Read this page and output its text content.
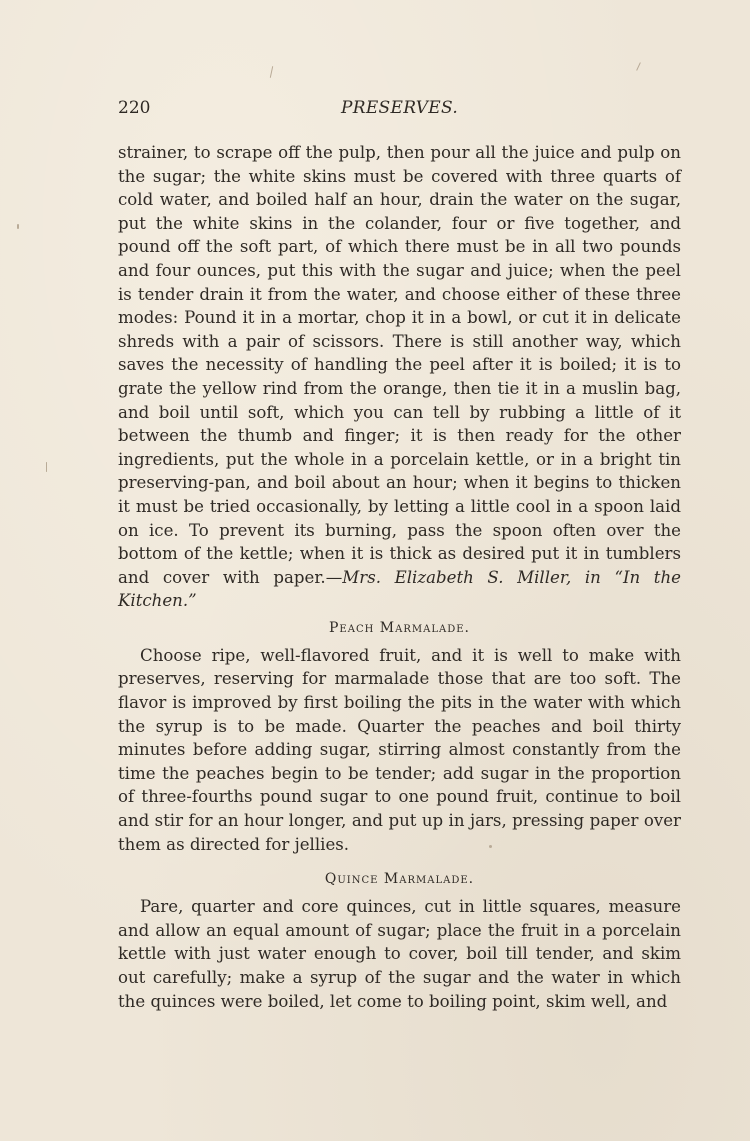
220	PRESERVES.

strainer, to scrape off the pulp, then pour all the juice and pulp on the sugar; the white skins must be covered with three quarts of cold water, and boiled half an hour, drain the water on the sugar, put the white skins in the colander, four or five together, and pound off the soft part, of which there must be in all two pounds and four ounces, put this with the sugar and juice; when the peel is tender drain it from the water, and choose either of these three modes: Pound it in a mortar, chop it in a bowl, or cut it in delicate shreds with a pair of scissors. There is still another way, which saves the necessity of handling the peel after it is boiled; it is to grate the yellow rind from the orange, then tie it in a muslin bag, and boil until soft, which you can tell by rubbing a little of it between the thumb and finger; it is then ready for the other ingredients, put the whole in a porcelain kettle, or in a bright tin preserving-pan, and boil about an hour; when it begins to thicken it must be tried occasionally, by letting a little cool in a spoon laid on ice. To prevent its burning, pass the spoon often over the bottom of the kettle; when it is thick as desired put it in tumblers and cover with paper.—Mrs. Elizabeth S. Miller, in “In the Kitchen.”

Peach Marmalade.

Choose ripe, well-flavored fruit, and it is well to make with preserves, reserving for marmalade those that are too soft. The flavor is improved by first boiling the pits in the water with which the syrup is to be made. Quarter the peaches and boil thirty minutes before adding sugar, stirring almost constantly from the time the peaches begin to be tender; add sugar in the proportion of three-fourths pound sugar to one pound fruit, continue to boil and stir for an hour longer, and put up in jars, pressing paper over them as directed for jellies.

Quince Marmalade.

Pare, quarter and core quinces, cut in little squares, measure and allow an equal amount of sugar; place the fruit in a porcelain kettle with just water enough to cover, boil till tender, and skim out carefully; make a syrup of the sugar and the water in which the quinces were boiled, let come to boiling point, skim well, and
